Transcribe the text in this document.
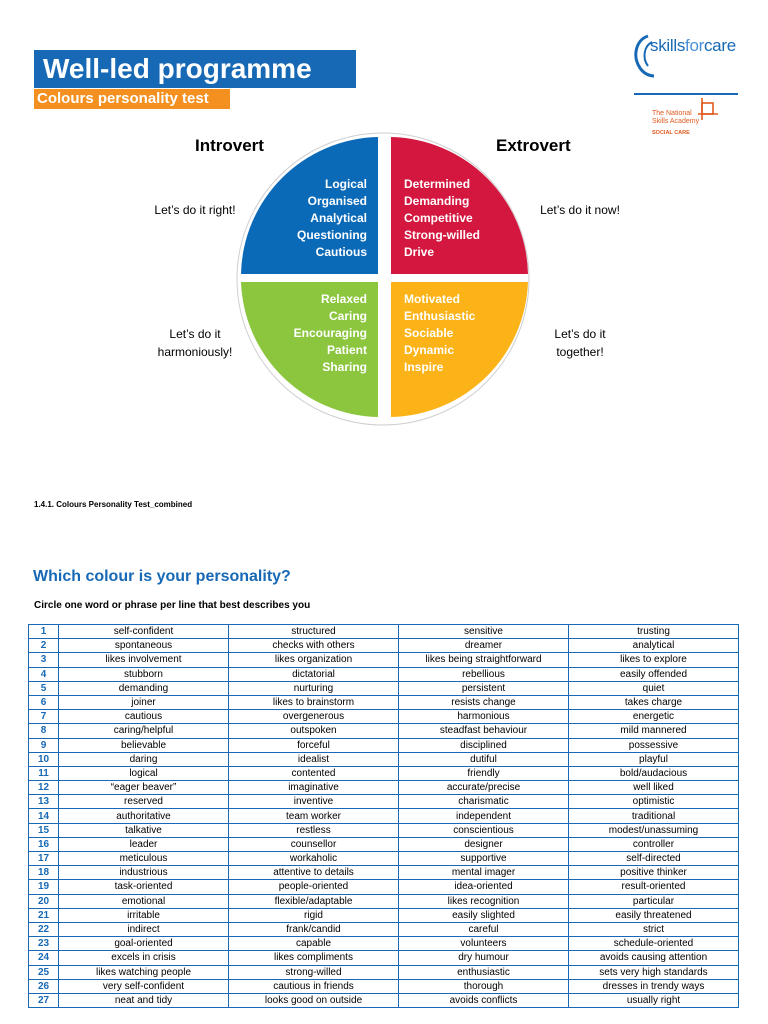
Well-led programme
Colours personality test
skillsforcare
The National
Skills Academy
SOCIAL CARE
Introvert	Extrovert
Logical
Organised
Analytical
Questioning
Cautious
Determined
Demanding
Competitive
Strong-willed
Drive
Relaxed
Caring
Encouraging
Patient
Sharing
Motivated
Enthusiastic
Sociable
Dynamic
Inspire
Let’s do it right!	Let’s do it now!
Let’s do it
harmoniously!
Let’s do it
together!
1.4.1. Colours Personality Test_combined
Which colour is your personality?
Circle one word or phrase per line that best describes you
1	self-confident	structured	sensitive	trusting
2	spontaneous	checks with others	dreamer	analytical
3	likes involvement	likes organization	likes being straightforward	likes to explore
4	stubborn	dictatorial	rebellious	easily offended
5	demanding	nurturing	persistent	quiet
6	joiner	likes to brainstorm	resists change	takes charge
7	cautious	overgenerous	harmonious	energetic
8	caring/helpful	outspoken	steadfast behaviour	mild mannered
9	believable	forceful	disciplined	possessive
10	daring	idealist	dutiful	playful
11	logical	contented	friendly	bold/audacious
12	“eager beaver”	imaginative	accurate/precise	well liked
13	reserved	inventive	charismatic	optimistic
14	authoritative	team worker	independent	traditional
15	talkative	restless	conscientious	modest/unassuming
16	leader	counsellor	designer	controller
17	meticulous	workaholic	supportive	self-directed
18	industrious	attentive to details	mental imager	positive thinker
19	task-oriented	people-oriented	idea-oriented	result-oriented
20	emotional	flexible/adaptable	likes recognition	particular
21	irritable	rigid	easily slighted	easily threatened
22	indirect	frank/candid	careful	strict
23	goal-oriented	capable	volunteers	schedule-oriented
24	excels in crisis	likes compliments	dry humour	avoids causing attention
25	likes watching people	strong-willed	enthusiastic	sets very high standards
26	very self-confident	cautious in friends	thorough	dresses in trendy ways
27	neat and tidy	looks good on outside	avoids conflicts	usually right
